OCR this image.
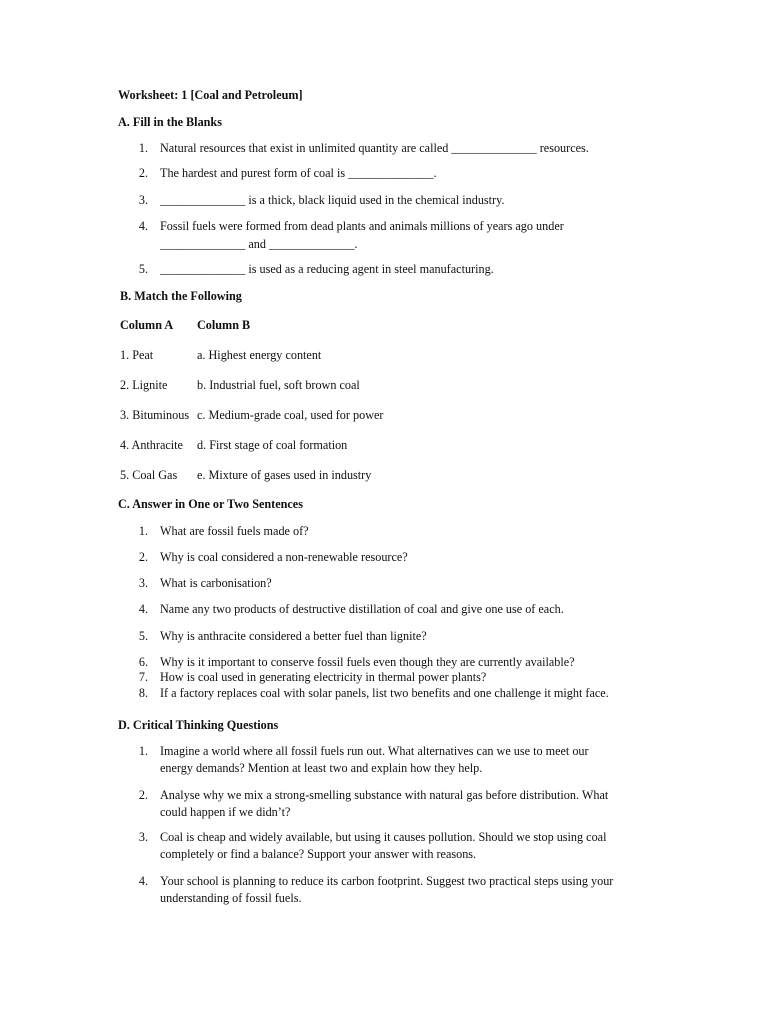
Worksheet: 1 [Coal and Petroleum]
A. Fill in the Blanks
1. Natural resources that exist in unlimited quantity are called ______________ resources.
2. The hardest and purest form of coal is ______________.
3. ______________ is a thick, black liquid used in the chemical industry.
4. Fossil fuels were formed from dead plants and animals millions of years ago under
______________ and ______________.
5. ______________ is used as a reducing agent in steel manufacturing.
B. Match the Following
Column A Column B
1. Peat	a. Highest energy content
2. Lignite b. Industrial fuel, soft brown coal
3. Bituminous c. Medium-grade coal, used for power
4. Anthracite d. First stage of coal formation
5. Coal Gas e. Mixture of gases used in industry
C. Answer in One or Two Sentences
1. What are fossil fuels made of?
2. Why is coal considered a non-renewable resource?
3. What is carbonisation?
4. Name any two products of destructive distillation of coal and give one use of each.
5. Why is anthracite considered a better fuel than lignite?
6. Why is it important to conserve fossil fuels even though they are currently available?
7. How is coal used in generating electricity in thermal power plants?
8. If a factory replaces coal with solar panels, list two benefits and one challenge it might face.
D. Critical Thinking Questions
1. Imagine a world where all fossil fuels run out. What alternatives can we use to meet our
energy demands? Mention at least two and explain how they help.
2. Analyse why we mix a strong-smelling substance with natural gas before distribution. What
could happen if we didn’t?
3. Coal is cheap and widely available, but using it causes pollution. Should we stop using coal
completely or find a balance? Support your answer with reasons.
4. Your school is planning to reduce its carbon footprint. Suggest two practical steps using your
understanding of fossil fuels.
